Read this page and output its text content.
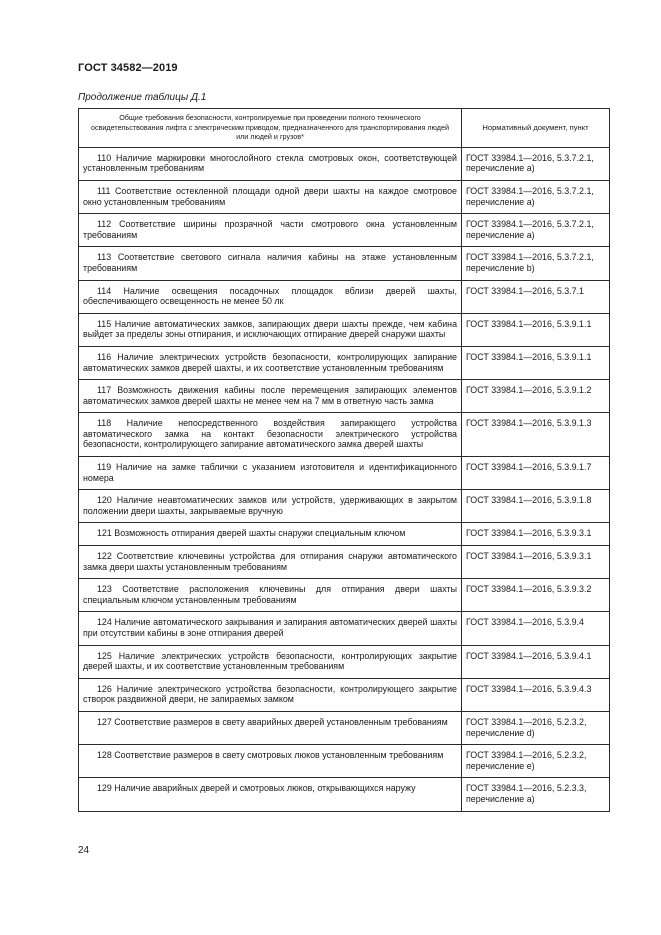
ГОСТ 34582—2019
Продолжение таблицы Д.1
Общие требования безопасности, контролируемые при проведении полного технического освидетельствования лифта с электрическим приводом, предназначенного для транспортирования людей или людей и грузов*	Нормативный документ, пункт
110 Наличие маркировки многослойного стекла смотровых окон, соответствующей установленным требованиям	ГОСТ 33984.1—2016, 5.3.7.2.1, перечисление а)
111 Соответствие остекленной площади одной двери шахты на каждое смотровое окно установленным требованиям	ГОСТ 33984.1—2016, 5.3.7.2.1, перечисление а)
112 Соответствие ширины прозрачной части смотрового окна установленным требованиям	ГОСТ 33984.1—2016, 5.3.7.2.1, перечисление а)
113 Соответствие светового сигнала наличия кабины на этаже установленным требованиям	ГОСТ 33984.1—2016, 5.3.7.2.1, перечисление b)
114 Наличие освещения посадочных площадок вблизи дверей шахты, обеспечивающего освещенность не менее 50 лк	ГОСТ 33984.1—2016, 5.3.7.1
115 Наличие автоматических замков, запирающих двери шахты прежде, чем кабина выйдет за пределы зоны отпирания, и исключающих отпирание дверей снаружи шахты	ГОСТ 33984.1—2016, 5.3.9.1.1
116 Наличие электрических устройств безопасности, контролирующих запирание автоматических замков дверей шахты, и их соответствие установленным требованиям	ГОСТ 33984.1—2016, 5.3.9.1.1
117 Возможность движения кабины после перемещения запирающих элементов автоматических замков дверей шахты не менее чем на 7 мм в ответную часть замка	ГОСТ 33984.1—2016, 5.3.9.1.2
118 Наличие непосредственного воздействия запирающего устройства автоматического замка на контакт безопасности электрического устройства безопасности, контролирующего запирание автоматического замка дверей шахты	ГОСТ 33984.1—2016, 5.3.9.1.3
119 Наличие на замке таблички с указанием изготовителя и идентификационного номера	ГОСТ 33984.1—2016, 5.3.9.1.7
120 Наличие неавтоматических замков или устройств, удерживающих в закрытом положении двери шахты, закрываемые вручную	ГОСТ 33984.1—2016, 5.3.9.1.8
121 Возможность отпирания дверей шахты снаружи специальным ключом	ГОСТ 33984.1—2016, 5.3.9.3.1
122 Соответствие ключевины устройства для отпирания снаружи автоматического замка двери шахты установленным требованиям	ГОСТ 33984.1—2016, 5.3.9.3.1
123 Соответствие расположения ключевины для отпирания двери шахты специальным ключом установленным требованиям	ГОСТ 33984.1—2016, 5.3.9.3.2
124 Наличие автоматического закрывания и запирания автоматических дверей шахты при отсутствии кабины в зоне отпирания дверей	ГОСТ 33984.1—2016, 5.3.9.4
125 Наличие электрических устройств безопасности, контролирующих закрытие дверей шахты, и их соответствие установленным требованиям	ГОСТ 33984.1—2016, 5.3.9.4.1
126 Наличие электрического устройства безопасности, контролирующего закрытие створок раздвижной двери, не запираемых замком	ГОСТ 33984.1—2016, 5.3.9.4.3
127 Соответствие размеров в свету аварийных дверей установленным требованиям	ГОСТ 33984.1—2016, 5.2.3.2, перечисление d)
128 Соответствие размеров в свету смотровых люков установленным требованиям	ГОСТ 33984.1—2016, 5.2.3.2, перечисление е)
129 Наличие аварийных дверей и смотровых люков, открывающихся наружу	ГОСТ 33984.1—2016, 5.2.3.3, перечисление а)
24
